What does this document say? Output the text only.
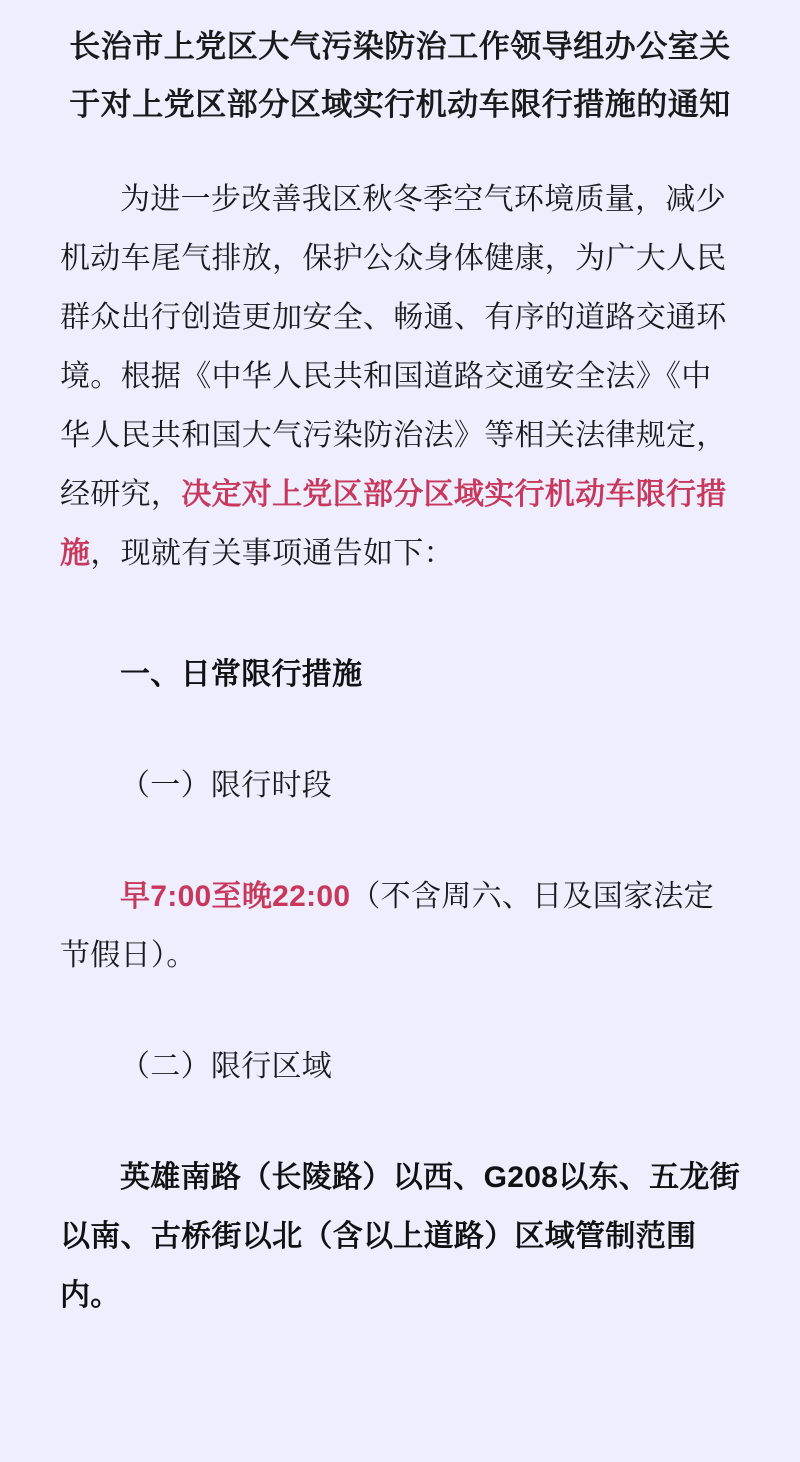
长治市上党区大气污染防治工作领导组办公室关于对上党区部分区域实行机动车限行措施的通知

为进一步改善我区秋冬季空气环境质量，减少机动车尾气排放，保护公众身体健康，为广大人民群众出行创造更加安全、畅通、有序的道路交通环境。根据《中华人民共和国道路交通安全法》《中华人民共和国大气污染防治法》等相关法律规定，经研究，决定对上党区部分区域实行机动车限行措施，现就有关事项通告如下：

一、日常限行措施

（一）限行时段

早7:00至晚22:00（不含周六、日及国家法定节假日）。

（二）限行区域

英雄南路（长陵路）以西、G208以东、五龙街以南、古桥街以北（含以上道路）区域管制范围内。
